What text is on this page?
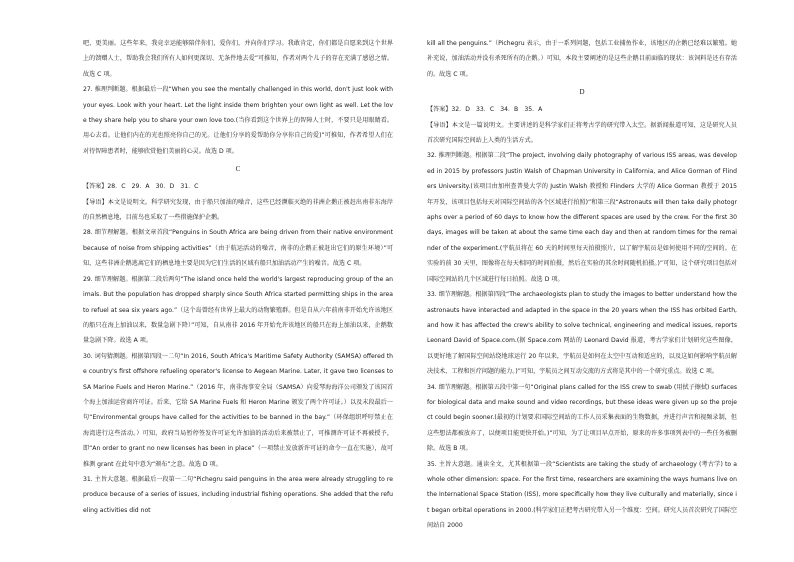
吧、更美丽。这些年来，我竟幸运能够陪伴你们，爱你们，并向你们学习。我敢肯定，你们都是自愿来到这个世界上的馈赠人士，帮助我会我们所有人如何更深切、无条件地去爱”可推知，作者对两个儿子的存在充满了感恩之情。故选 C 项。

27. 推理判断题。根据最后一段“When you see the mentally challenged in this world, don't just look with your eyes. Look with your heart. Let the light inside them brighten your own light as well. Let the love they share help you to share your own love too.(当你看到这个世界上的智障人士时，不要只是用眼睛看。用心去看。让他们内在的光也照亮你自己的光。让他们分享的爱帮助你分享你自己的爱)”可推知，作者希望人们在对待智障患者时，能够欣赏他们美丽的心灵。故选 D 项。

C

【答案】28．C　29．A　30．D　31．C

【导语】本文是说明文。科学研究发现，由于船只加油的噪音，这些已经濒临灭绝的非洲企鹅正被赶出南非东海岸的自然栖息地，目前鸟也采取了一些措施保护企鹅。

28. 细节理解题。根据文章首段“Penguins in South Africa are being driven from their native environment because of noise from shipping activities”（由于航运活动的噪音，南非的企鹅正被赶出它们的原生环境）”可知，这些非洲企鹅逃离它们的栖息地主要是因为它们生活的区域有船只加油活动产生的噪音。故选 C 项。

29. 细节理解题。根据第二段后两句“The island once held the world's largest reproducing group of the animals. But the population has dropped sharply since South Africa started permitting ships in the area to refuel at sea six years ago.”（这个岛曾经有世界上最大的动物繁殖群。但是自从六年前南非开始允许该地区的船只在海上加油以来，数量急剧下降）”可知，自从南非 2016 年开始允许该地区的船只在海上加油以来，企鹅数量急剧下降。故选 A 项。

30. 词句猜测题。根据第四段一二句“In 2016, South Africa's Maritime Safety Authority (SAMSA) offered the country's first offshore refueling operator's license to Aegean Marine. Later, it gave two licenses to SA Marine Fuels and Heron Marine.”（2016 年，南非海事安全局（SAMSA）向爱琴海海洋公司颁发了该国首个海上加油运营商许可证。后来，它给 SA Marine Fuels 和 Heron Marine 颁发了两个许可证。）以及末段最后一句“Environmental groups have called for the activities to be banned in the bay.”（环保组织呼吁禁止在海湾进行这些活动。）可知，政府当局暂停签发许可证允许加油的活动后来被禁止了，可推测许可证不再被授予，即“An order to grant no new licenses has been in place”（一项禁止发放新许可证的命令一直在实施），故可推测 grant 在此句中意为“颁布”之意。故选 D 项。

31. 主旨大意题。根据最后一段第一二句“Pichegru said penguins in the area were already struggling to reproduce because of a series of issues, including industrial fishing operations. She added that the refueling activities did not

kill all the penguins.”（Pichegru 表示，由于一系列问题，包括工业捕鱼作业，该地区的企鹅已经难以繁殖。她补充说，加油活动并没有杀死所有的企鹅。）可知，本段主要阐述的是这些企鹅目前面临的现状：该饲料是还有存活的。故选 C 项。

D

【答案】32．D　33．C　34．B　35．A

【导语】本文是一篇说明文。主要讲述的是科学家们正将考古学的研究带入太空。据新闻报道可知，这是研究人员首次研究国际空间站上人类的生活方式。

32. 推理判断题。根据第二段“The project, involving daily photography of various ISS areas, was developed in 2015 by professors Justin Walsh of Chapman University in California, and Alice Gorman of Flinders University.(该项目由加州查普曼大学的 Justin Walsh 教授和 Flinders 大学的 Alice Gorman 教授于 2015 年开发，该项目包括每天对国际空间站的各个区域进行拍照)”和第三段“Astronauts will then take daily photographs over a period of 60 days to know how the different spaces are used by the crew. For the first 30 days, images will be taken at about the same time each day and then at random times for the remainder of the experiment.(宇航员将在 60 天的时间里每天拍摄照片，以了解宇航员是如何使用不同的空间的。在实验的前 30 天里，图像将在每天相同的时间拍摄，然后在实验的其余时间随机拍摄。)”可知，这个研究项目包括对国际空间站的几个区域进行每日拍照。故选 D 项。

33. 细节理解题。根据第四段“The archaeologists plan to study the images to better understand how the astronauts have interacted and adapted in the space in the 20 years when the ISS has orbited Earth, and how it has affected the crew's ability to solve technical, engineering and medical issues, reports Leonard David of Space.com.(据 Space.com 网站的 Leonard David 报道，考古学家们计划研究这些图像，以更好地了解国际空间站绕地球运行 20 年以来，宇航员是如何在太空中互动和适应的，以及这如何影响宇航员解决技术、工程和医疗问题的能力。)”可知，宇航员之间互动交流的方式将是其中的一个研究重点。故选 C 项。

34. 细节理解题。根据第五段中第一句“Original plans called for the ISS crew to swab (用拭子擦拭) surfaces for biological data and make sound and video recordings, but these ideas were given up so the project could begin sooner.(最初的计划要求国际空间站的工作人员采集表面的生物数据，并进行声音和视频录制，但这些想法都被放弃了，以便项目能更快开始。)”可知，为了让项目早点开始，原来的许多事项列表中的一些任务被删除。故选 B 项。

35. 主旨大意题。通读全文，尤其根据第一段“Scientists are taking the study of archaeology (考古学) to a whole other dimension: space. For the first time, researchers are examining the ways humans live on the International Space Station (ISS), more specifically how they live culturally and materially, since it began orbital operations in 2000.(科学家们正把考古研究带入另一个维度：空间。研究人员首次研究了国际空间站自 2000
